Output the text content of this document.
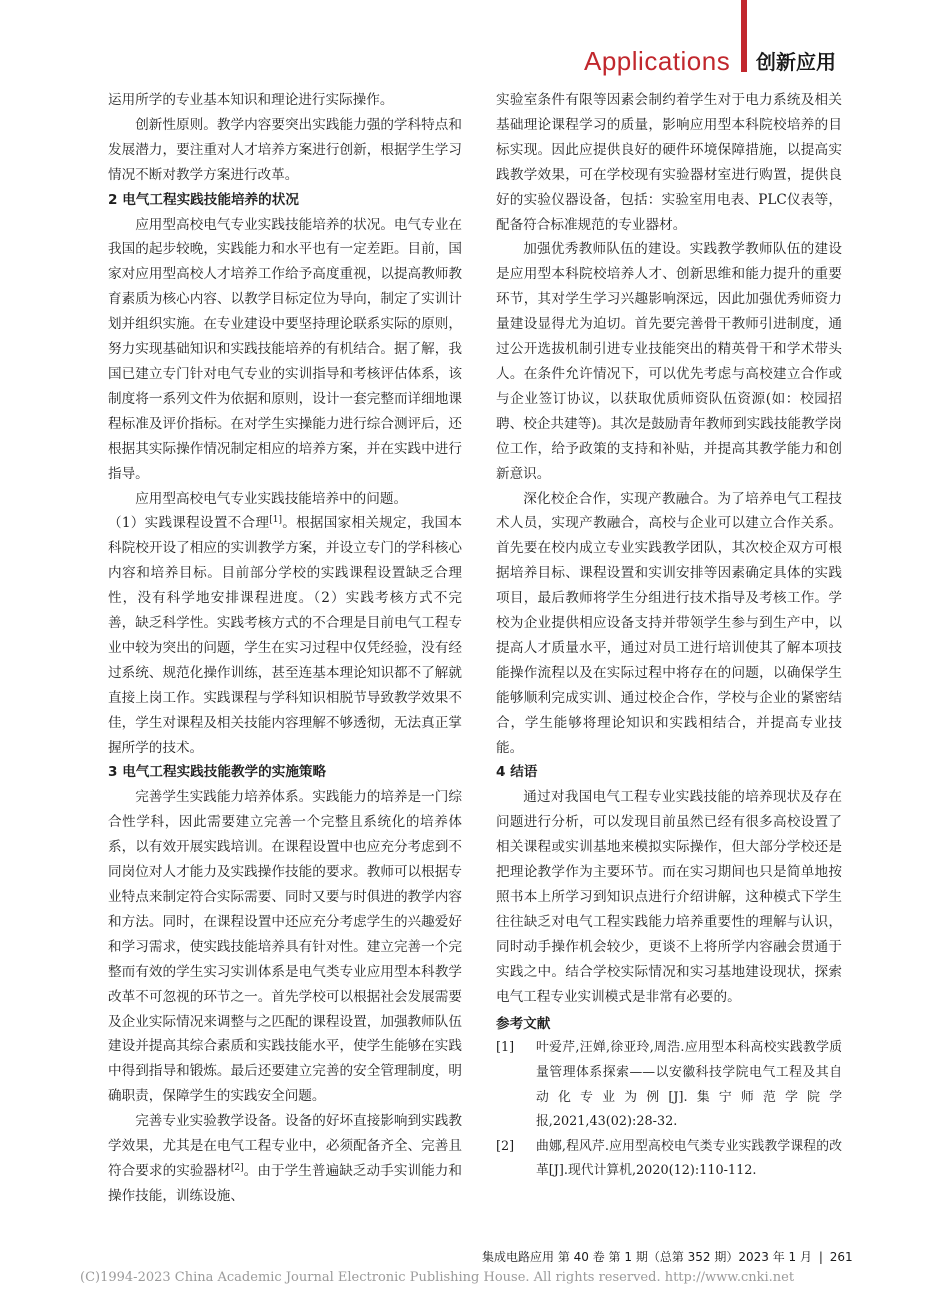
Applications 创新应用

运用所学的专业基本知识和理论进行实际操作。

创新性原则。教学内容要突出实践能力强的学科特点和发展潜力，要注重对人才培养方案进行创新，根据学生学习情况不断对教学方案进行改革。

2 电气工程实践技能培养的状况

应用型高校电气专业实践技能培养的状况。电气专业在我国的起步较晚，实践能力和水平也有一定差距。目前，国家对应用型高校人才培养工作给予高度重视，以提高教师教育素质为核心内容、以教学目标定位为导向，制定了实训计划并组织实施。在专业建设中要坚持理论联系实际的原则，努力实现基础知识和实践技能培养的有机结合。据了解，我国已建立专门针对电气专业的实训指导和考核评估体系，该制度将一系列文件为依据和原则，设计一套完整而详细地课程标准及评价指标。在对学生实操能力进行综合测评后，还根据其实际操作情况制定相应的培养方案，并在实践中进行指导。

应用型高校电气专业实践技能培养中的问题。

（1）实践课程设置不合理[1]。根据国家相关规定，我国本科院校开设了相应的实训教学方案，并设立专门的学科核心内容和培养目标。目前部分学校的实践课程设置缺乏合理性，没有科学地安排课程进度。（2）实践考核方式不完善，缺乏科学性。实践考核方式的不合理是目前电气工程专业中较为突出的问题，学生在实习过程中仅凭经验，没有经过系统、规范化操作训练，甚至连基本理论知识都不了解就直接上岗工作。实践课程与学科知识相脱节导致教学效果不佳，学生对课程及相关技能内容理解不够透彻，无法真正掌握所学的技术。

3 电气工程实践技能教学的实施策略

完善学生实践能力培养体系。实践能力的培养是一门综合性学科，因此需要建立完善一个完整且系统化的培养体系，以有效开展实践培训。在课程设置中也应充分考虑到不同岗位对人才能力及实践操作技能的要求。教师可以根据专业特点来制定符合实际需要、同时又要与时俱进的教学内容和方法。同时，在课程设置中还应充分考虑学生的兴趣爱好和学习需求，使实践技能培养具有针对性。建立完善一个完整而有效的学生实习实训体系是电气类专业应用型本科教学改革不可忽视的环节之一。首先学校可以根据社会发展需要及企业实际情况来调整与之匹配的课程设置，加强教师队伍建设并提高其综合素质和实践技能水平，使学生能够在实践中得到指导和锻炼。最后还要建立完善的安全管理制度，明确职责，保障学生的实践安全问题。

完善专业实验教学设备。设备的好坏直接影响到实践教学效果，尤其是在电气工程专业中，必须配备齐全、完善且符合要求的实验器材[2]。由于学生普遍缺乏动手实训能力和操作技能，训练设施、

实验室条件有限等因素会制约着学生对于电力系统及相关基础理论课程学习的质量，影响应用型本科院校培养的目标实现。因此应提供良好的硬件环境保障措施，以提高实践教学效果，可在学校现有实验器材室进行购置，提供良好的实验仪器设备，包括：实验室用电表、PLC仪表等，配备符合标准规范的专业器材。

加强优秀教师队伍的建设。实践教学教师队伍的建设是应用型本科院校培养人才、创新思维和能力提升的重要环节，其对学生学习兴趣影响深远，因此加强优秀师资力量建设显得尤为迫切。首先要完善骨干教师引进制度，通过公开选拔机制引进专业技能突出的精英骨干和学术带头人。在条件允许情况下，可以优先考虑与高校建立合作或与企业签订协议，以获取优质师资队伍资源(如：校园招聘、校企共建等)。其次是鼓励青年教师到实践技能教学岗位工作，给予政策的支持和补贴，并提高其教学能力和创新意识。

深化校企合作，实现产教融合。为了培养电气工程技术人员，实现产教融合，高校与企业可以建立合作关系。首先要在校内成立专业实践教学团队，其次校企双方可根据培养目标、课程设置和实训安排等因素确定具体的实践项目，最后教师将学生分组进行技术指导及考核工作。学校为企业提供相应设备支持并带领学生参与到生产中，以提高人才质量水平，通过对员工进行培训使其了解本项技能操作流程以及在实际过程中将存在的问题，以确保学生能够顺利完成实训、通过校企合作，学校与企业的紧密结合，学生能够将理论知识和实践相结合，并提高专业技能。

4 结语

通过对我国电气工程专业实践技能的培养现状及存在问题进行分析，可以发现目前虽然已经有很多高校设置了相关课程或实训基地来模拟实际操作，但大部分学校还是把理论教学作为主要环节。而在实习期间也只是简单地按照书本上所学习到知识点进行介绍讲解，这种模式下学生往往缺乏对电气工程实践能力培养重要性的理解与认识，同时动手操作机会较少，更谈不上将所学内容融会贯通于实践之中。结合学校实际情况和实习基地建设现状，探索电气工程专业实训模式是非常有必要的。

参考文献
[1]	叶爱芹,汪婵,徐亚玲,周浩.应用型本科高校实践教学质量管理体系探索——以安徽科技学院电气工程及其自动化专业为例[J].集宁师范学院学报,2021,43(02):28-32.
[2]	曲娜,程风芹.应用型高校电气类专业实践教学课程的改革[J].现代计算机,2020(12):110-112.
集成电路应用 第 40 卷 第 1 期（总第 352 期）2023 年 1 月 | 261
(C)1994-2023 China Academic Journal Electronic Publishing House. All rights reserved. http://www.cnki.net
